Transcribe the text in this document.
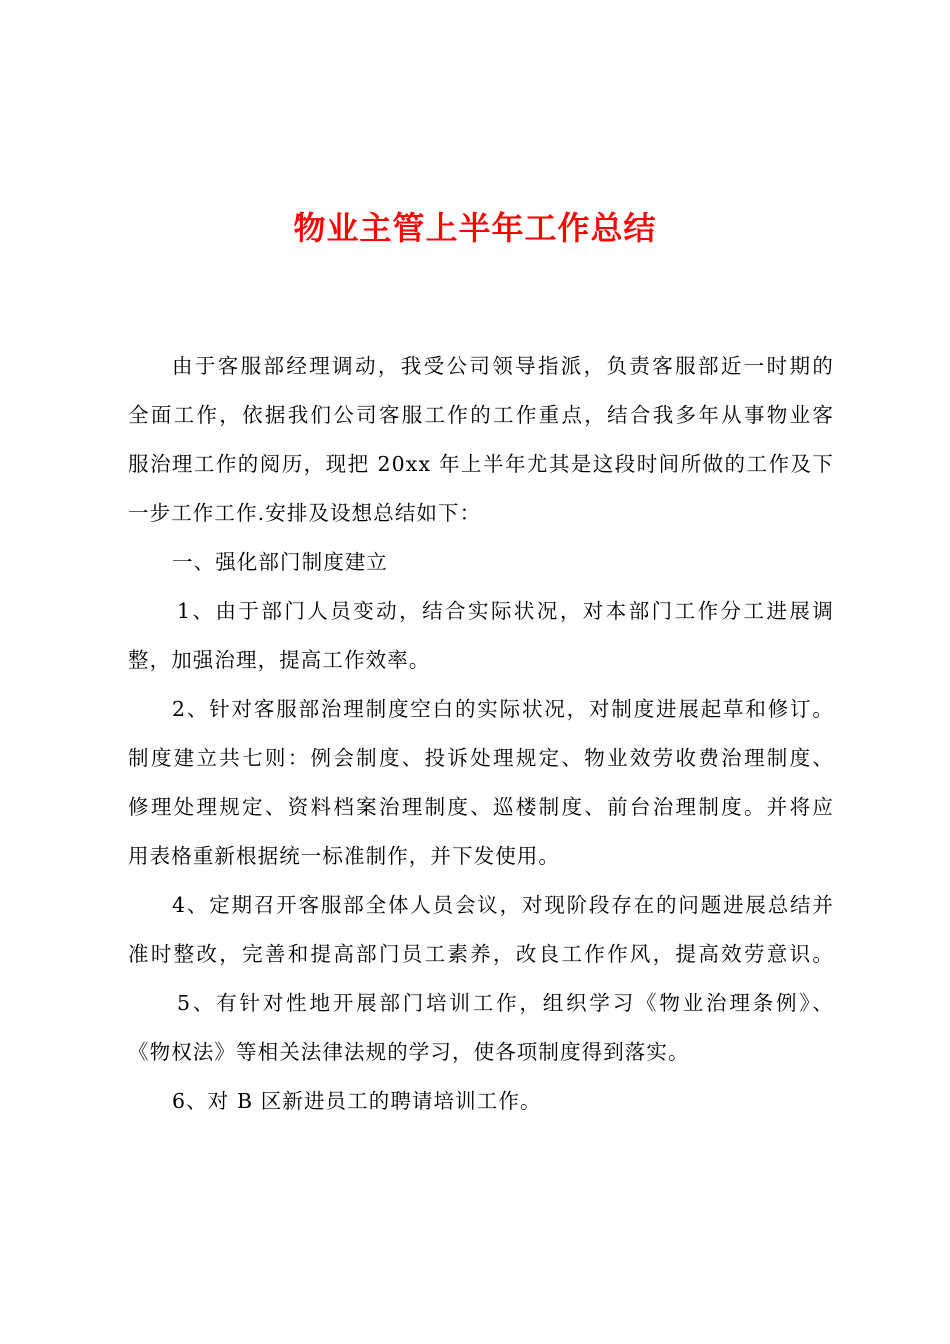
物业主管上半年工作总结
由于客服部经理调动，我受公司领导指派，负责客服部近一时期的
全面工作，依据我们公司客服工作的工作重点，结合我多年从事物业客
服治理工作的阅历，现把 20xx 年上半年尤其是这段时间所做的工作及下
一步工作工作.安排及设想总结如下：
一、强化部门制度建立
1、由于部门人员变动，结合实际状况，对本部门工作分工进展调
整，加强治理，提高工作效率。
2、针对客服部治理制度空白的实际状况，对制度进展起草和修订。
制度建立共七则：例会制度、投诉处理规定、物业效劳收费治理制度、
修理处理规定、资料档案治理制度、巡楼制度、前台治理制度。并将应
用表格重新根据统一标准制作，并下发使用。
4、定期召开客服部全体人员会议，对现阶段存在的问题进展总结并
准时整改，完善和提高部门员工素养，改良工作作风，提高效劳意识。
5、有针对性地开展部门培训工作，组织学习《物业治理条例》、
《物权法》等相关法律法规的学习，使各项制度得到落实。
6、对 B 区新进员工的聘请培训工作。
